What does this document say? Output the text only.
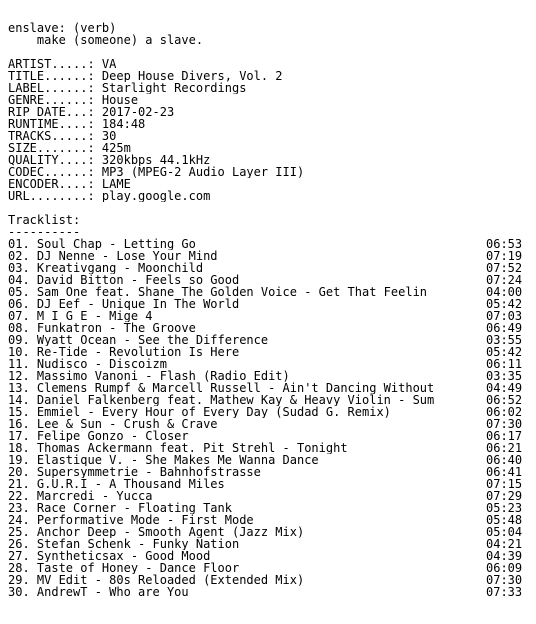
enslave: (verb)
make (someone) a slave.
ARTIST.....: VA
TITLE......: Deep House Divers, Vol. 2
LABEL......: Starlight Recordings
GENRE......: House
RIP DATE...: 2017-02-23
RUNTIME....: 184:48
TRACKS.....: 30
SIZE.......: 425m
QUALITY....: 320kbps 44.1kHz
CODEC......: MP3 (MPEG-2 Audio Layer III)
ENCODER....: LAME
URL........: play.google.com
Tracklist:
----------
01. Soul Chap - Letting Go	06:53
02. DJ Nenne - Lose Your Mind	07:19
03. Kreativgang - Moonchild	07:52
04. David Bitton - Feels so Good	07:24
05. Sam One feat. Shane The Golden Voice - Get That Feelin	04:00
06. DJ Eef - Unique In The World	05:42
07. M I G E - Mige 4	07:03
08. Funkatron - The Groove	06:49
09. Wyatt Ocean - See the Difference	03:55
10. Re-Tide - Revolution Is Here	05:42
11. Nudisco - Discoizm	06:11
12. Massimo Vanoni - Flash (Radio Edit)	03:35
13. Clemens Rumpf & Marcell Russell - Ain't Dancing Without	04:49
14. Daniel Falkenberg feat. Mathew Kay & Heavy Violin - Sum	06:52
15. Emmiel - Every Hour of Every Day (Sudad G. Remix)	06:02
16. Lee & Sun - Crush & Crave	07:30
17. Felipe Gonzo - Closer	06:17
18. Thomas Ackermann feat. Pit Strehl - Tonight	06:21
19. Elastique V. - She Makes Me Wanna Dance	06:40
20. Supersymmetrie - Bahnhofstrasse	06:41
21. G.U.R.I - A Thousand Miles	07:15
22. Marcredi - Yucca	07:29
23. Race Corner - Floating Tank	05:23
24. Performative Mode - First Mode	05:48
25. Anchor Deep - Smooth Agent (Jazz Mix)	05:04
26. Stefan Schenk - Funky Nation	04:21
27. Syntheticsax - Good Mood	04:39
28. Taste of Honey - Dance Floor	06:09
29. MV Edit - 80s Reloaded (Extended Mix)	07:30
30. AndrewT - Who are You	07:33
